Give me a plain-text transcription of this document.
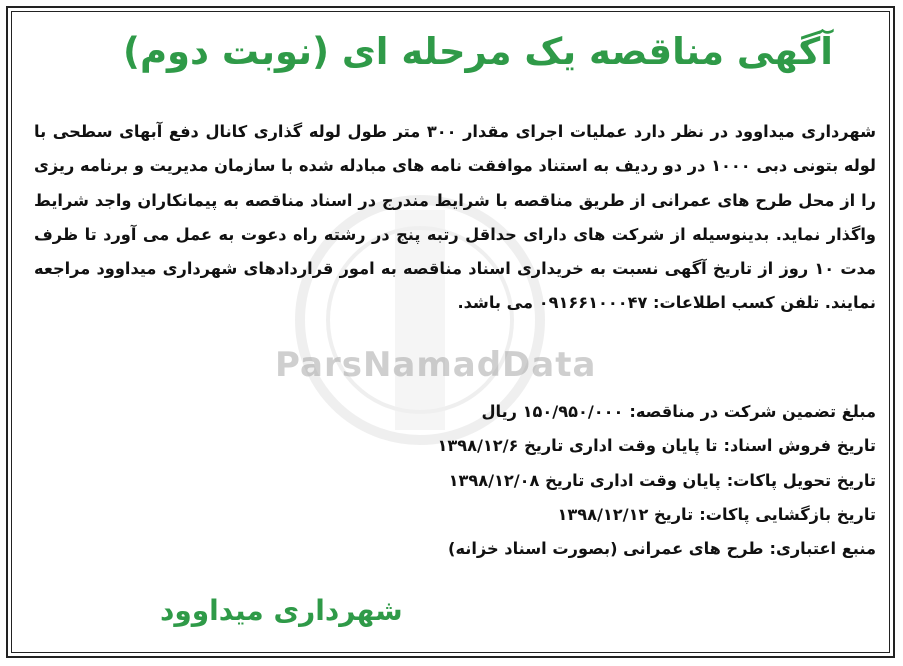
ParsNamadData
آگهی مناقصه یک مرحله ای (نوبت دوم)

شهرداری میداوود در نظر دارد عملیات اجرای مقدار ۳۰۰ متر طول لوله گذاری کانال دفع آبهای سطحی با لوله بتونی دبی ۱۰۰۰ در دو ردیف به استناد موافقت نامه های مبادله شده با سازمان مدیریت و برنامه ریزی را از محل طرح های عمرانی از طریق مناقصه با شرایط مندرج در اسناد مناقصه به پیمانکاران واجد شرایط واگذار نماید. بدینوسیله از شرکت های دارای حداقل رتبه پنج در رشته راه دعوت به عمل می آورد تا ظرف مدت ۱۰ روز از تاریخ آگهی نسبت به خریداری اسناد مناقصه به امور قراردادهای شهرداری میداوود مراجعه نمایند. تلفن کسب اطلاعات: ۰۹۱۶۶۱۰۰۰۴۷ می باشد.

مبلغ تضمین شرکت در مناقصه:۱۵۰/۹۵۰/۰۰۰ ریال
تاریخ فروش اسناد:تا پایان وقت اداری تاریخ ۱۳۹۸/۱۲/۶
تاریخ تحویل پاکات:پایان وقت اداری تاریخ ۱۳۹۸/۱۲/۰۸
تاریخ بازگشایی پاکات:تاریخ ۱۳۹۸/۱۲/۱۲
منبع اعتباری:طرح های عمرانی (بصورت اسناد خزانه)
شهرداری میداوود
